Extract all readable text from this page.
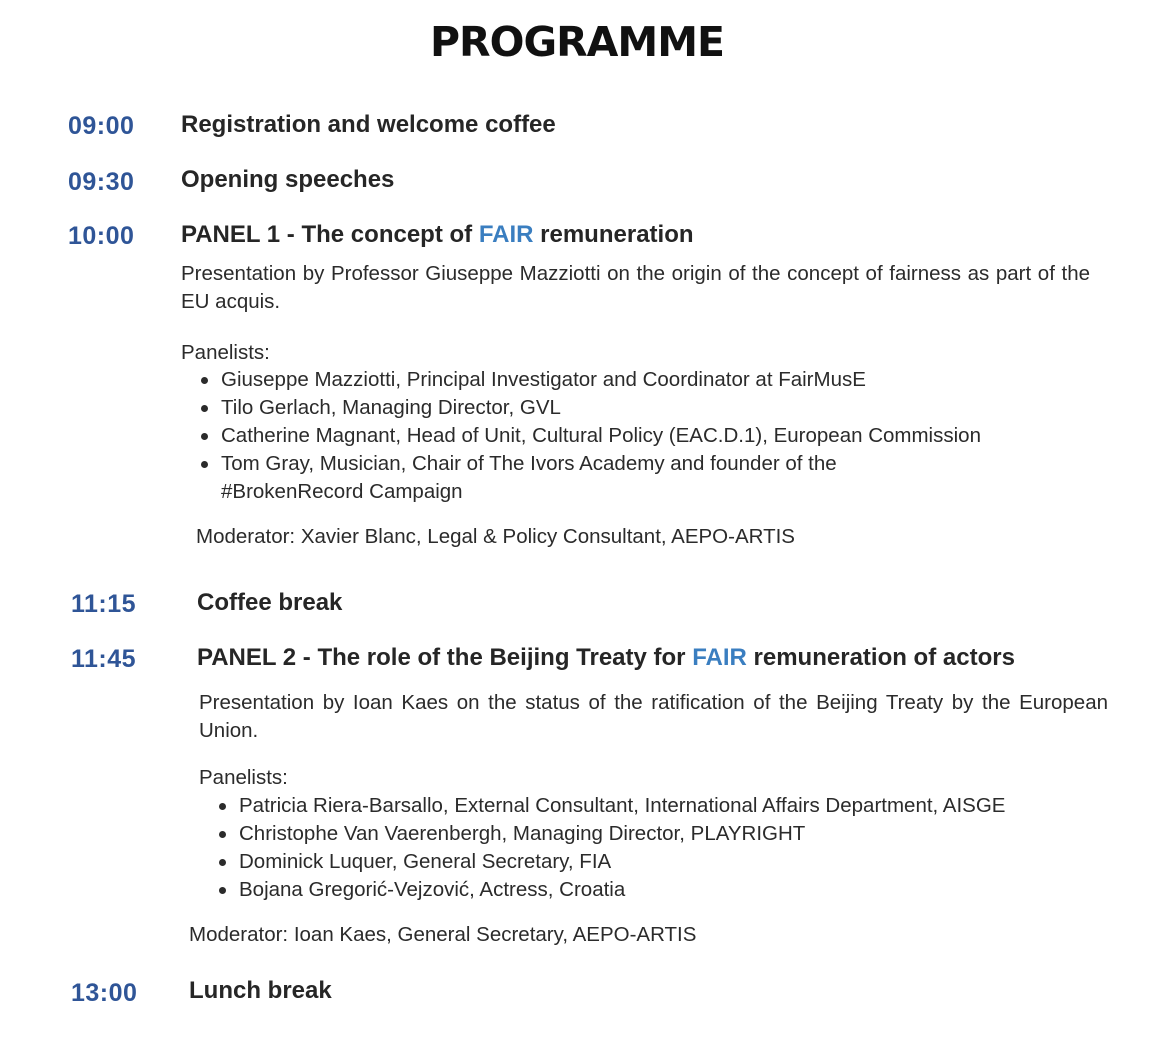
PROGRAMME
09:00 Registration and welcome coffee
09:30 Opening speeches
10:00 PANEL 1 - The concept of FAIR remuneration
Presentation by Professor Giuseppe Mazziotti on the origin of the concept of fairness as part of the EU acquis.
Panelists:
Giuseppe Mazziotti, Principal Investigator and Coordinator at FairMusE
Tilo Gerlach, Managing Director, GVL
Catherine Magnant, Head of Unit, Cultural Policy (EAC.D.1), European Commission
Tom Gray, Musician, Chair of The Ivors Academy and founder of the #BrokenRecord Campaign
Moderator: Xavier Blanc, Legal & Policy Consultant, AEPO-ARTIS
11:15	Coffee break
11:45	PANEL 2 - The role of the Beijing Treaty for FAIR remuneration of actors
Presentation by Ioan Kaes on the status of the ratification of the Beijing Treaty by the European Union.
Panelists:
Patricia Riera-Barsallo, External Consultant, International Affairs Department, AISGE
Christophe Van Vaerenbergh, Managing Director, PLAYRIGHT
Dominick Luquer, General Secretary, FIA
Bojana Gregorić-Vejzović, Actress, Croatia
Moderator: Ioan Kaes, General Secretary, AEPO-ARTIS
13:00 Lunch break
